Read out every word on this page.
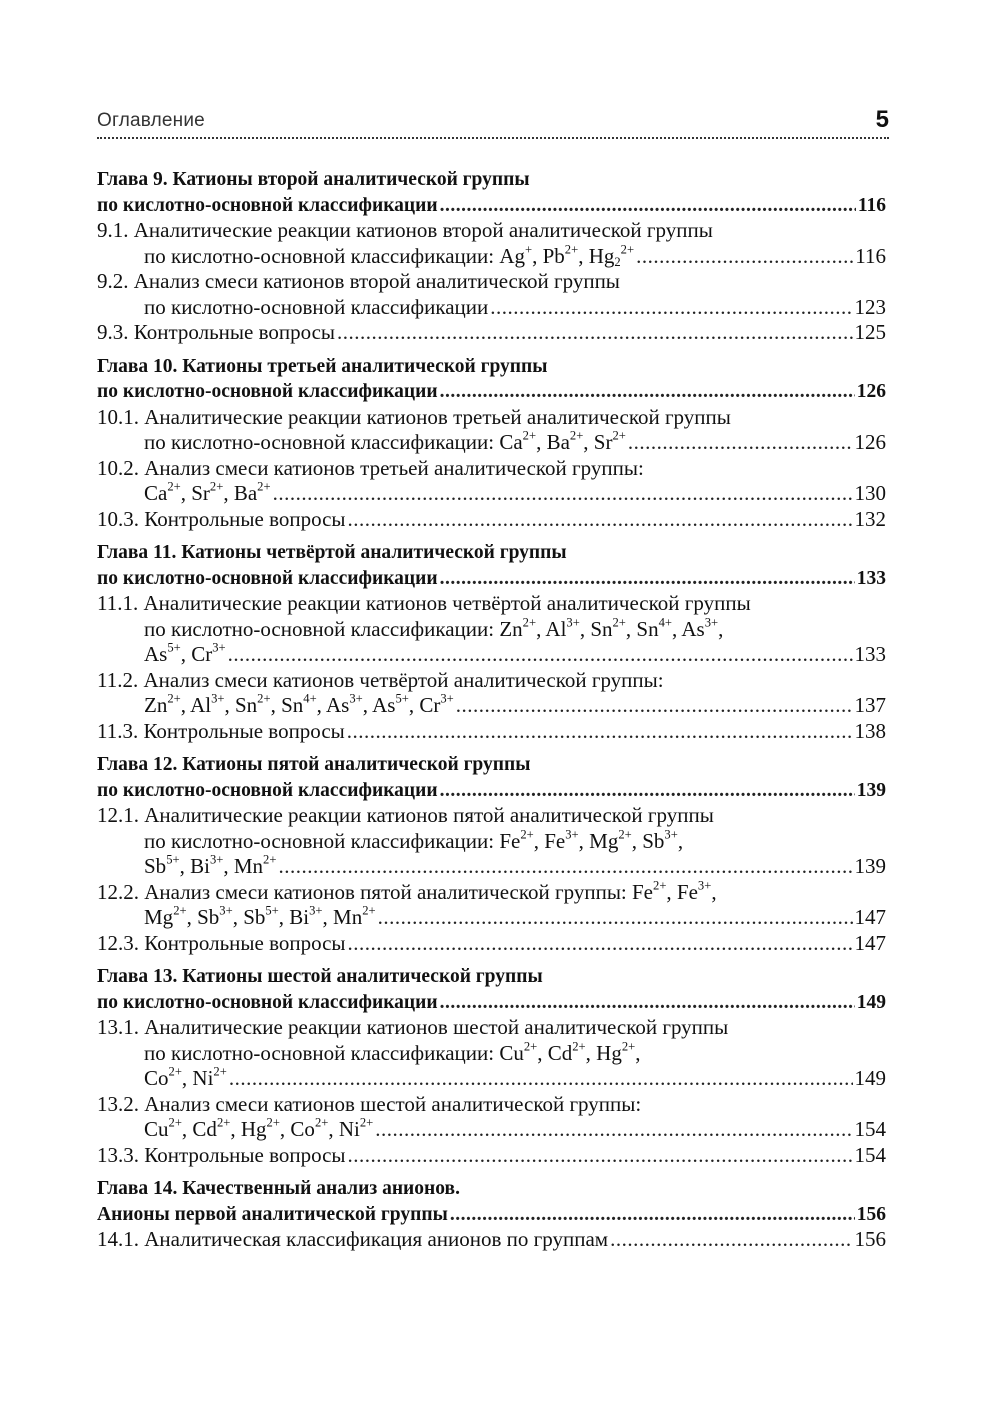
Оглавление	5
Глава 9. Катионы второй аналитической группы
по кислотно-основной классификации .....	116
9.1. Аналитические реакции катионов второй аналитической группы
по кислотно-основной классификации: Ag+, $Pb^{2+}$, $Hg_2^{2+}$ .....	116
9.2. Анализ смеси катионов второй аналитической группы
по кислотно-основной классификации .....	123
9.3. Контрольные вопросы .....	125
Глава 10. Катионы третьей аналитической группы
по кислотно-основной классификации .....	126
10.1. Аналитические реакции катионов третьей аналитической группы
по кислотно-основной классификации: $Ca^{2+}$, $Ba^{2+}$, $Sr^{2+}$ .....	126
10.2. Анализ смеси катионов третьей аналитической группы:
$Ca^{2+}$, $Sr^{2+}$, $Ba^{2+}$ .....	130
10.3. Контрольные вопросы .....	132
Глава 11. Катионы четвёртой аналитической группы
по кислотно-основной классификации .....	133
11.1. Аналитические реакции катионов четвёртой аналитической группы
по кислотно-основной классификации: $Zn^{2+}$, $Al^{3+}$, $Sn^{2+}$, $Sn^{4+}$, $As^{3+}$,
$As^{5+}$, $Cr^{3+}$ .....	133
11.2. Анализ смеси катионов четвёртой аналитической группы:
$Zn^{2+}$, $Al^{3+}$, $Sn^{2+}$, $Sn^{4+}$, $As^{3+}$, $As^{5+}$, $Cr^{3+}$ .....	137
11.3. Контрольные вопросы .....	138
Глава 12. Катионы пятой аналитической группы
по кислотно-основной классификации .....	139
12.1. Аналитические реакции катионов пятой аналитической группы
по кислотно-основной классификации: $Fe^{2+}$, $Fe^{3+}$, $Mg^{2+}$, $Sb^{3+}$,
$Sb^{5+}$, $Bi^{3+}$, $Mn^{2+}$ .....	139
12.2. Анализ смеси катионов пятой аналитической группы: $Fe^{2+}$, $Fe^{3+}$,
$Mg^{2+}$, $Sb^{3+}$, $Sb^{5+}$, $Bi^{3+}$, $Mn^{2+}$ .....	147
12.3. Контрольные вопросы .....	147
Глава 13. Катионы шестой аналитической группы
по кислотно-основной классификации .....	149
13.1. Аналитические реакции катионов шестой аналитической группы
по кислотно-основной классификации: $Cu^{2+}$, $Cd^{2+}$, $Hg^{2+}$,
$Co^{2+}$, $Ni^{2+}$ .....	149
13.2. Анализ смеси катионов шестой аналитической группы:
$Cu^{2+}$, $Cd^{2+}$, $Hg^{2+}$, $Co^{2+}$, $Ni^{2+}$ .....	154
13.3. Контрольные вопросы .....	154
Глава 14. Качественный анализ анионов.
Анионы первой аналитической группы .....	156
14.1. Аналитическая классификация анионов по группам .....	156
